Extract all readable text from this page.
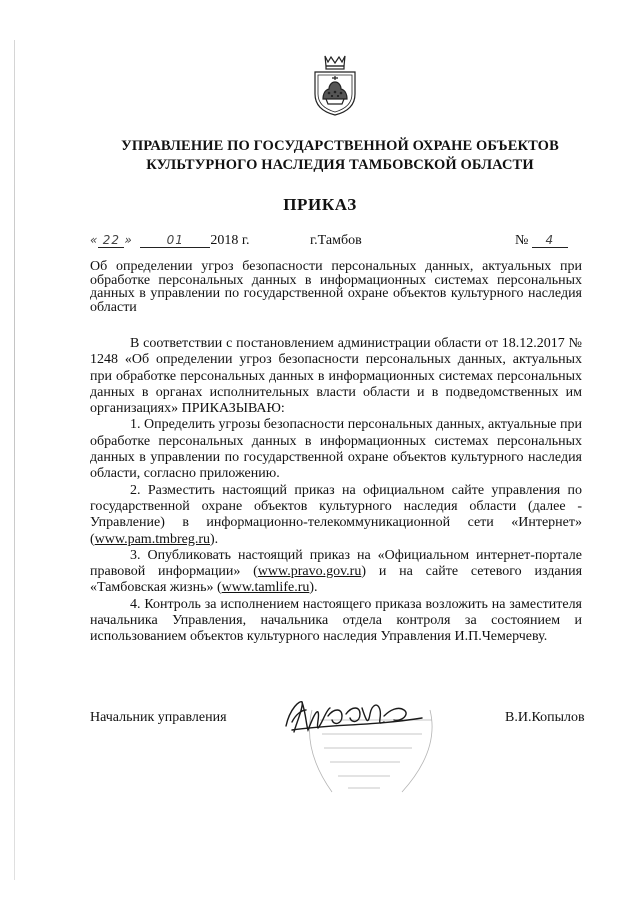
УПРАВЛЕНИЕ ПО ГОСУДАРСТВЕННОЙ ОХРАНЕ ОБЪЕКТОВ
КУЛЬТУРНОГО НАСЛЕДИЯ ТАМБОВСКОЙ ОБЛАСТИ
ПРИКАЗ
« 22 »	01 2018 г.	г.Тамбов	№ 4
Об определении угроз безопасности персональных данных, актуальных при обработке персональных данных в информационных системах персональных данных в управлении по государственной охране объектов культурного наследия области

В соответствии с постановлением администрации области от 18.12.2017 № 1248 «Об определении угроз безопасности персональных данных, актуальных при обработке персональных данных в информационных системах персональных данных в органах исполнительных власти области и в подведомственных им организациях» ПРИКАЗЫВАЮ:

1. Определить угрозы безопасности персональных данных, актуальные при обработке персональных данных в информационных системах персональных данных в управлении по государственной охране объектов культурного наследия области, согласно приложению.

2. Разместить настоящий приказ на официальном сайте управления по государственной охране объектов культурного наследия области (далее - Управление) в информационно-телекоммуникационной сети «Интернет» (www.pam.tmbreg.ru).

3. Опубликовать настоящий приказ на «Официальном интернет-портале правовой информации» (www.pravo.gov.ru) и на сайте сетевого издания «Тамбовская жизнь» (www.tamlife.ru).

4. Контроль за исполнением настоящего приказа возложить на заместителя начальника Управления, начальника отдела контроля за состоянием и использованием объектов культурного наследия Управления И.П.Чемерчеву.

Начальник управления	В.И.Копылов
